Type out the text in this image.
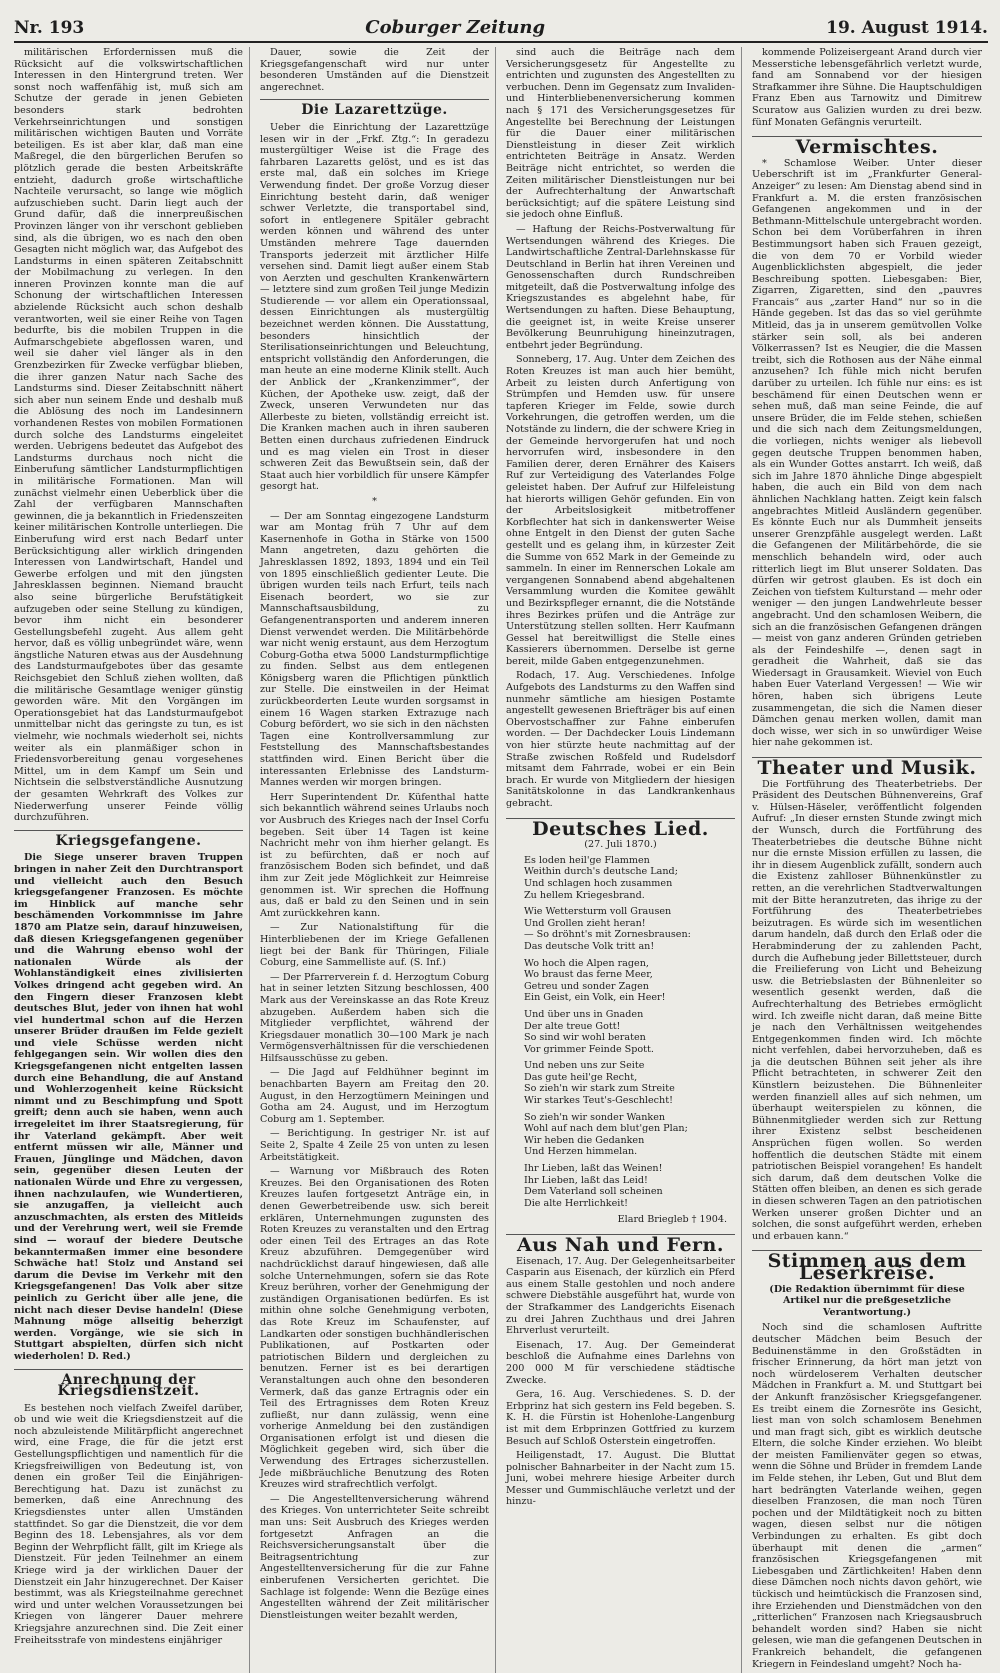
Nr. 193	Coburger Zeitung	19. August 1914.

militärischen Erfordernissen muß die Rücksicht auf die volkswirtschaftlichen Interessen in den Hintergrund treten. Wer sonst noch waffenfähig ist, muß sich am Schutze der gerade in jenen Gebieten besonders stark bedrohten Verkehrseinrichtungen und sonstigen militärischen wichtigen Bauten und Vorräte beteiligen. Es ist aber klar, daß man eine Maßregel, die den bürgerlichen Berufen so plötzlich gerade die besten Arbeitskräfte entzieht, dadurch große wirtschaftliche Nachteile verursacht, so lange wie möglich aufzuschieben sucht. Darin liegt auch der Grund dafür, daß die innerpreußischen Provinzen länger von ihr verschont geblieben sind, als die übrigen, wo es nach den oben Gesagten nicht möglich war, das Aufgebot des Landsturms in einen späteren Zeitabschnitt der Mobilmachung zu verlegen. In den inneren Provinzen konnte man die auf Schonung der wirtschaftlichen Interessen abzielende Rücksicht auch schon deshalb verantworten, weil sie einer Reihe von Tagen bedurfte, bis die mobilen Truppen in die Aufmarschgebiete abgeflossen waren, und weil sie daher viel länger als in den Grenzbezirken für Zwecke verfügbar blieben, die ihrer ganzen Natur nach Sache des Landsturms sind. Dieser Zeitabschnitt nähert sich aber nun seinem Ende und deshalb muß die Ablösung des noch im Landesinnern vorhandenen Restes von mobilen Formationen durch solche des Landsturms eingeleitet werden. Uebrigens bedeutet das Aufgebot des Landsturms durchaus noch nicht die Einberufung sämtlicher Landsturmpflichtigen in militärische Formationen. Man will zunächst vielmehr einen Ueberblick über die Zahl der verfügbaren Mannschaften gewinnen, die ja bekanntlich in Friedenszeiten keiner militärischen Kontrolle unterliegen. Die Einberufung wird erst nach Bedarf unter Berücksichtigung aller wirklich dringenden Interessen von Landwirtschaft, Handel und Gewerbe erfolgen und mit den jüngsten Jahresklassen beginnen. Niemand braucht also seine bürgerliche Berufstätigkeit aufzugeben oder seine Stellung zu kündigen, bevor ihm nicht ein besonderer Gestellungsbefehl zugeht. Aus allem geht hervor, daß es völlig unbegründet wäre, wenn ängstliche Naturen etwas aus der Ausdehnung des Landsturmaufgebotes über das gesamte Reichsgebiet den Schluß ziehen wollten, daß die militärische Gesamtlage weniger günstig geworden wäre. Mit den Vorgängen im Operationsgebiet hat das Landsturmaufgebot unmittelbar nicht das geringste zu tun, es ist vielmehr, wie nochmals wiederholt sei, nichts weiter als ein planmäßiger schon in Friedensvorbereitung genau vorgesehenes Mittel, um in dem Kampf um Sein und Nichtsein die selbstverständliche Ausnutzung der gesamten Wehrkraft des Volkes zur Niederwerfung unserer Feinde völlig durchzuführen.

Kriegsgefangene.

Die Siege unserer braven Truppen bringen in naher Zeit den Durchtransport und vielleicht auch den Besuch kriegsgefangener Franzosen. Es möchte im Hinblick auf manche sehr beschämenden Vorkommnisse im Jahre 1870 am Platze sein, darauf hinzuweisen, daß diesen Kriegsgefangenen gegenüber und die Wahrung ebenso wohl der nationalen Würde als der Wohlanständigkeit eines zivilisierten Volkes dringend acht gegeben wird. An den Fingern dieser Franzosen klebt deutsches Blut, jeder von ihnen hat wohl viel hundertmal schon auf die Herzen unserer Brüder draußen im Felde gezielt und viele Schüsse werden nicht fehlgegangen sein. Wir wollen dies den Kriegsgefangenen nicht entgelten lassen durch eine Behandlung, die auf Anstand und Wohlerzogenheit keine Rücksicht nimmt und zu Beschimpfung und Spott greift; denn auch sie haben, wenn auch irregeleitet im ihrer Staatsregierung, für ihr Vaterland gekämpft. Aber weit entfernt müssen wir alle, Männer und Frauen, Jünglinge und Mädchen, davon sein, gegenüber diesen Leuten der nationalen Würde und Ehre zu vergessen, ihnen nachzulaufen, wie Wundertieren, sie anzugaffen, ja vielleicht auch anzuschmachten, als ersten des Mitleids und der Verehrung wert, weil sie Fremde sind — worauf der biedere Deutsche bekanntermaßen immer eine besondere Schwäche hat! Stolz und Anstand sei darum die Devise im Verkehr mit den Kriegsgefangenen! Das Volk aber sitze peinlich zu Gericht über alle jene, die nicht nach dieser Devise handeln! (Diese Mahnung möge allseitig beherzigt werden. Vorgänge, wie sie sich in Stuttgart abspielten, dürfen sich nicht wiederholen! D. Red.)

Anrechnung der Kriegsdienstzeit.

Es bestehen noch vielfach Zweifel darüber, ob und wie weit die Kriegsdienstzeit auf die noch abzuleistende Militärpflicht angerechnet wird, eine Frage, die für die jetzt erst Gestellungspflichtigen und namentlich für die Kriegsfreiwilligen von Bedeutung ist, von denen ein großer Teil die Einjährigen-Berechtigung hat. Dazu ist zunächst zu bemerken, daß eine Anrechnung des Kriegsdienstes unter allen Umständen stattfindet. So gar die Dienstzeit, die vor dem Beginn des 18. Lebensjahres, als vor dem Beginn der Wehrpflicht fällt, gilt im Kriege als Dienstzeit. Für jeden Teilnehmer an einem Kriege wird ja der wirklichen Dauer der Dienstzeit ein Jahr hinzugerechnet. Der Kaiser bestimmt, was als Kriegsteilnahme gerechnet wird und unter welchen Voraussetzungen bei Kriegen von längerer Dauer mehrere Kriegsjahre anzurechnen sind. Die Zeit einer Freiheitsstrafe von mindestens einjähriger

Dauer, sowie die Zeit der Kriegsgefangenschaft wird nur unter besonderen Umständen auf die Dienstzeit angerechnet.

Die Lazarettzüge.

Ueber die Einrichtung der Lazarettzüge lesen wir in der „Frkf. Ztg.“: In geradezu mustergültiger Weise ist die Frage des fahrbaren Lazaretts gelöst, und es ist das erste mal, daß ein solches im Kriege Verwendung findet. Der große Vorzug dieser Einrichtung besteht darin, daß weniger schwer Verletzte, die transportabel sind, sofort in entlegenere Spitäler gebracht werden können und während des unter Umständen mehrere Tage dauernden Transports jederzeit mit ärztlicher Hilfe versehen sind. Damit liegt außer einem Stab von Aerzten und geschulten Krankenwärtern — letztere sind zum großen Teil junge Medizin Studierende — vor allem ein Operationssaal, dessen Einrichtungen als mustergültig bezeichnet werden können. Die Ausstattung, besonders hinsichtlich der Sterilisationseinrichtungen und Beleuchtung, entspricht vollständig den Anforderungen, die man heute an eine moderne Klinik stellt. Auch der Anblick der „Krankenzimmer“, der Küchen, der Apotheke usw. zeigt, daß der Zweck, unseren Verwundeten nur das Allerbeste zu bieten, vollständig erreicht ist. Die Kranken machen auch in ihren sauberen Betten einen durchaus zufriedenen Eindruck und es mag vielen ein Trost in dieser schweren Zeit das Bewußtsein sein, daß der Staat auch hier vorbildlich für unsere Kämpfer gesorgt hat.

*

— Der am Sonntag eingezogene Landsturm war am Montag früh 7 Uhr auf dem Kasernenhofe in Gotha in Stärke von 1500 Mann angetreten, dazu gehörten die Jahresklassen 1892, 1893, 1894 und ein Teil von 1895 einschließlich gedienter Leute. Die übrigen wurden teils nach Erfurt, teils nach Eisenach beordert, wo sie zur Mannschaftsausbildung, zu Gefangenentransporten und anderem inneren Dienst verwendet werden. Die Militärbehörde war nicht wenig erstaunt, aus dem Herzogtum Coburg-Gotha etwa 5000 Landsturmpflichtige zu finden. Selbst aus dem entlegenen Königsberg waren die Pflichtigen pünktlich zur Stelle. Die einstweilen in der Heimat zurückbeorderten Leute wurden sorgsamst in einem 16 Wagen starken Extrazuge nach Coburg befördert, wo sie sich in den nächsten Tagen eine Kontrollversammlung zur Feststellung des Mannschaftsbestandes stattfinden wird. Einen Bericht über die interessanten Erlebnisse des Landsturm-Mannes werden wir morgen bringen.

Herr Superintendent Dr. Küfenthal hatte sich bekanntlich während seines Urlaubs noch vor Ausbruch des Krieges nach der Insel Corfu begeben. Seit über 14 Tagen ist keine Nachricht mehr von ihm hierher gelangt. Es ist zu befürchten, daß er noch auf französischem Boden sich befindet, und daß ihm zur Zeit jede Möglichkeit zur Heimreise genommen ist. Wir sprechen die Hoffnung aus, daß er bald zu den Seinen und in sein Amt zurückkehren kann.

— Zur Nationalstiftung für die Hinterbliebenen der im Kriege Gefallenen liegt bei der Bank für Thüringen, Filiale Coburg, eine Sammelliste auf. (S. Inf.)

— Der Pfarrerverein f. d. Herzogtum Coburg hat in seiner letzten Sitzung beschlossen, 400 Mark aus der Vereinskasse an das Rote Kreuz abzugeben. Außerdem haben sich die Mitglieder verpflichtet, während der Kriegsdauer monatlich 30—100 Mark je nach Vermögensverhältnissen für die verschiedenen Hilfsausschüsse zu geben.

— Die Jagd auf Feldhühner beginnt im benachbarten Bayern am Freitag den 20. August, in den Herzogtümern Meiningen und Gotha am 24. August, und im Herzogtum Coburg am 1. September.

— Berichtigung. In gestriger Nr. ist auf Seite 2, Spalte 4 Zeile 25 von unten zu lesen Arbeitstätigkeit.

— Warnung vor Mißbrauch des Roten Kreuzes. Bei den Organisationen des Roten Kreuzes laufen fortgesetzt Anträge ein, in denen Gewerbetreibende usw. sich bereit erklären, Unternehmungen zugunsten des Roten Kreuzes zu veranstalten und den Ertrag oder einen Teil des Ertrages an das Rote Kreuz abzuführen. Demgegenüber wird nachdrücklichst darauf hingewiesen, daß alle solche Unternehmungen, sofern sie das Rote Kreuz berühren, vorher der Genehmigung der zuständigen Organisationen bedürfen. Es ist mithin ohne solche Genehmigung verboten, das Rote Kreuz im Schaufenster, auf Landkarten oder sonstigen buchhändlerischen Publikationen, auf Postkarten oder patriotischen Bildern und dergleichen zu benutzen. Ferner ist es bei derartigen Veranstaltungen auch ohne den besonderen Vermerk, daß das ganze Ertragnis oder ein Teil des Ertragnisses dem Roten Kreuz zufließt, nur dann zulässig, wenn eine vorherige Anmeldung bei den zuständigen Organisationen erfolgt ist und diesen die Möglichkeit gegeben wird, sich über die Verwendung des Ertrages sicherzustellen. Jede mißbräuchliche Benutzung des Roten Kreuzes wird strafrechtlich verfolgt.

— Die Angestelltenversicherung während des Krieges. Von unterrichteter Seite schreibt man uns: Seit Ausbruch des Krieges werden fortgesetzt Anfragen an die Reichsversicherungsanstalt über die Beitragsentrichtung zur Angestelltenversicherung für die zur Fahne einberufenen Versicherten gerichtet. Die Sachlage ist folgende: Wenn die Bezüge eines Angestellten während der Zeit militärischer Dienstleistungen weiter bezahlt werden,

sind auch die Beiträge nach dem Versicherungsgesetz für Angestellte zu entrichten und zugunsten des Angestellten zu verbuchen. Denn im Gegensatz zum Invaliden- und Hinterbliebenenversicherung kommen nach § 171 des Versicherungsgesetzes für Angestellte bei Berechnung der Leistungen für die Dauer einer militärischen Dienstleistung in dieser Zeit wirklich entrichteten Beiträge in Ansatz. Werden Beiträge nicht entrichtet, so werden die Zeiten militärischer Dienstleistungen nur bei der Aufrechterhaltung der Anwartschaft berücksichtigt; auf die spätere Leistung sind sie jedoch ohne Einfluß.

— Haftung der Reichs-Postverwaltung für Wertsendungen während des Krieges. Die Landwirtschaftliche Zentral-Darlehnskasse für Deutschland in Berlin hat ihren Vereinen und Genossenschaften durch Rundschreiben mitgeteilt, daß die Postverwaltung infolge des Kriegszustandes es abgelehnt habe, für Wertsendungen zu haften. Diese Behauptung, die geeignet ist, in weite Kreise unserer Bevölkerung Beunruhigung hineinzutragen, entbehrt jeder Begründung.

Sonneberg, 17. Aug. Unter dem Zeichen des Roten Kreuzes ist man auch hier bemüht, Arbeit zu leisten durch Anfertigung von Strümpfen und Hemden usw. für unsere tapferen Krieger im Felde, sowie durch Vorkehrungen, die getroffen werden, um die Notstände zu lindern, die der schwere Krieg in der Gemeinde hervorgerufen hat und noch hervorrufen wird, insbesondere in den Familien derer, deren Ernährer des Kaisers Ruf zur Verteidigung des Vaterlandes Folge geleistet haben. Der Aufruf zur Hilfeleistung hat hierorts willigen Gehör gefunden. Ein von der Arbeitslosigkeit mitbetroffener Korbflechter hat sich in dankenswerter Weise ohne Entgelt in den Dienst der guten Sache gestellt und es gelang ihm, in kürzester Zeit die Summe von 652 Mark in der Gemeinde zu sammeln. In einer im Rennerschen Lokale am vergangenen Sonnabend abend abgehaltenen Versammlung wurden die Komitee gewählt und Bezirkspfleger ernannt, die die Notstände ihres Bezirkes prüfen und die Anträge zur Unterstützung stellen sollten. Herr Kaufmann Gessel hat bereitwilligst die Stelle eines Kassierers übernommen. Derselbe ist gerne bereit, milde Gaben entgegenzunehmen.

Rodach, 17. Aug. Verschiedenes. Infolge Aufgebots des Landsturms zu den Waffen sind nunmehr sämtliche am hiesigen Postamte angestellt gewesenen Briefträger bis auf einen Obervostschaffner zur Fahne einberufen worden. — Der Dachdecker Louis Lindemann von hier stürzte heute nachmittag auf der Straße zwischen Roßfeld und Rudelsdorf mitsamt dem Fahrrade, wobei er ein Bein brach. Er wurde von Mitgliedern der hiesigen Sanitätskolonne in das Landkrankenhaus gebracht.

Deutsches Lied.
(27. Juli 1870.)
Es loden heil'ge Flammen
Weithin durch's deutsche Land;
Und schlagen hoch zusammen
Zu hellem Kriegesbrand.
Wie Wettersturm voll Grausen
Und Grollen zieht heran!
— So dröhnt's mit Zornesbrausen:
Das deutsche Volk tritt an!
Wo hoch die Alpen ragen,
Wo braust das ferne Meer,
Getreu und sonder Zagen
Ein Geist, ein Volk, ein Heer!
Und über uns in Gnaden
Der alte treue Gott!
So sind wir wohl beraten
Vor grimmer Feinde Spott.
Und neben uns zur Seite
Das gute heil'ge Recht,
So zieh'n wir stark zum Streite
Wir starkes Teut's-Geschlecht!
So zieh'n wir sonder Wanken
Wohl auf nach dem blut'gen Plan;
Wir heben die Gedanken
Und Herzen himmelan.
Ihr Lieben, laßt das Weinen!
Ihr Lieben, laßt das Leid!
Dem Vaterland soll scheinen
Die alte Herrlichkeit!
Elard Briegleb † 1904.
Aus Nah und Fern.

Eisenach, 17. Aug. Der Gelegenheitsarbeiter Casparin aus Eisenach, der kürzlich ein Pferd aus einem Stalle gestohlen und noch andere schwere Diebstähle ausgeführt hat, wurde von der Strafkammer des Landgerichts Eisenach zu drei Jahren Zuchthaus und drei Jahren Ehrverlust verurteilt.

Eisenach, 17. Aug. Der Gemeinderat beschloß die Aufnahme eines Darlehns von 200 000 M für verschiedene städtische Zwecke.

Gera, 16. Aug. Verschiedenes. S. D. der Erbprinz hat sich gestern ins Feld begeben. S. K. H. die Fürstin ist Hohenlohe-Langenburg ist mit dem Erbprinzen Gottfried zu kurzem Besuch auf Schloß Osterstein eingetroffen.

Heiligenstadt, 17. August. Die Bluttat polnischer Bahnarbeiter in der Nacht zum 15. Juni, wobei mehrere hiesige Arbeiter durch Messer und Gummischläuche verletzt und der hinzu-

kommende Polizeisergeant Arand durch vier Messerstiche lebensgefährlich verletzt wurde, fand am Sonnabend vor der hiesigen Strafkammer ihre Sühne. Die Hauptschuldigen Franz Eben aus Tarnowitz und Dimitrew Scuratow aus Galizien wurden zu drei bezw. fünf Monaten Gefängnis verurteilt.

Vermischtes.

* Schamlose Weiber. Unter dieser Ueberschrift ist im „Frankfurter General-Anzeiger“ zu lesen: Am Dienstag abend sind in Frankfurt a. M. die ersten französischen Gefangenen angekommen und in der Bethmann-Mittelschule untergebracht worden. Schon bei dem Vorüberfahren in ihren Bestimmungsort haben sich Frauen gezeigt, die von dem 70 er Vorbild wieder Augenblicklichsten abgespielt, die jeder Beschreibung spotten. Liebesgaben: Bier, Zigarren, Zigaretten, sind den „pauvres Francais“ aus „zarter Hand“ nur so in die Hände gegeben. Ist das das so viel gerühmte Mitleid, das ja in unserem gemütvollen Volke stärker sein soll, als bei anderen Völkerrassen? Ist es Neugier, die die Massen treibt, sich die Rothosen aus der Nähe einmal anzusehen? Ich fühle mich nicht berufen darüber zu urteilen. Ich fühle nur eins: es ist beschämend für einen Deutschen wenn er sehen muß, daß man seine Feinde, die auf unsere Brüder, die im Felde stehen, schießen und die sich nach dem Zeitungsmeldungen, die vorliegen, nichts weniger als liebevoll gegen deutsche Truppen benommen haben, als ein Wunder Gottes anstarrt. Ich weiß, daß sich im Jahre 1870 ähnliche Dinge abgespielt haben, die auch ein Bild von dem nach ähnlichen Nachklang hatten. Zeigt kein falsch angebrachtes Mitleid Ausländern gegenüber. Es könnte Euch nur als Dummheit jenseits unserer Grenzpfähle ausgelegt werden. Laßt die Gefangenen der Militärbehörde, die sie menschlich behandeln wird, oder auch ritterlich liegt im Blut unserer Soldaten. Das dürfen wir getrost glauben. Es ist doch ein Zeichen von tiefstem Kulturstand — mehr oder weniger — den jungen Landwehrleute besser angebracht. Und den schamlosen Weibern, die sich an die französischen Gefangenen drängen — meist von ganz anderen Gründen getrieben als der Feindeshilfe —, denen sagt in geradheit die Wahrheit, daß sie das Wiedersagt in Grausamkeit. Wieviel von Euch haben Euer Vaterland Vergessen! — Wie wir hören, haben sich übrigens Leute zusammengetan, die sich die Namen dieser Dämchen genau merken wollen, damit man doch wisse, wer sich in so unwürdiger Weise hier nahe gekommen ist.

Theater und Musik.

Die Fortführung des Theaterbetriebs. Der Präsident des Deutschen Bühnenvereins, Graf v. Hülsen-Häseler, veröffentlicht folgenden Aufruf: „In dieser ernsten Stunde zwingt mich der Wunsch, durch die Fortführung des Theaterbetriebes die deutsche Bühne nicht nur die ernste Mission erfüllen zu lassen, die ihr in diesem Augenblick zufällt, sondern auch die Existenz zahlloser Bühnenkünstler zu retten, an die verehrlichen Stadtverwaltungen mit der Bitte heranzutreten, das ihrige zu der Fortführung des Theaterbetriebes beizutragen. Es würde sich im wesentlichen darum handeln, daß durch den Erlaß oder die Herabminderung der zu zahlenden Pacht, durch die Aufhebung jeder Billettsteuer, durch die Freilieferung von Licht und Beheizung usw. die Betriebslasten der Bühnenleiter so wesentlich gesenkt werden, daß die Aufrechterhaltung des Betriebes ermöglicht wird. Ich zweifle nicht daran, daß meine Bitte je nach den Verhältnissen weitgehendes Entgegenkommen finden wird. Ich möchte nicht verfehlen, dabei hervorzuheben, daß es ja die deutschen Bühnen seit jeher als ihre Pflicht betrachteten, in schwerer Zeit den Künstlern beizustehen. Die Bühnenleiter werden finanziell alles auf sich nehmen, um überhaupt weiterspielen zu können, die Bühnenmitglieder werden sich zur Rettung ihrer Existenz selbst bescheidenen Ansprüchen fügen wollen. So werden hoffentlich die deutschen Städte mit einem patriotischen Beispiel vorangehen! Es handelt sich darum, daß dem deutschen Volke die Stätten offen bleiben, an denen es sich gerade in diesen schweren Tagen an den patriotischen Werken unserer großen Dichter und an solchen, die sonst aufgeführt werden, erheben und erbauen kann.“

Stimmen aus dem Leserkreise.
(Die Redaktion übernimmt für diese Artikel nur die preßgesetzliche Verantwortung.)

Noch sind die schamlosen Auftritte deutscher Mädchen beim Besuch der Beduinenstämme in den Großstädten in frischer Erinnerung, da hört man jetzt von noch würdeloserem Verhalten deutscher Mädchen in Frankfurt a. M. und Stuttgart bei der Ankunft französischer Kriegsgefangener. Es treibt einem die Zornesröte ins Gesicht, liest man von solch schamlosem Benehmen und man fragt sich, gibt es wirklich deutsche Eltern, die solche Kinder erziehen. Wo bleibt der meisten Familienväter gegen so etwas, wenn die Söhne und Brüder in fremdem Lande im Felde stehen, ihr Leben, Gut und Blut dem hart bedrängten Vaterlande weihen, gegen dieselben Franzosen, die man noch Türen pochen und der Mildtätigkeit noch zu bitten wagen, diesen selbst nur die nötigen Verbindungen zu erhalten. Es gibt doch überhaupt mit denen die „armen“ französischen Kriegsgefangenen mit Liebesgaben und Zärtlichkeiten! Haben denn diese Dämchen noch nichts davon gehört, wie tückisch und heimtückisch die Franzosen sind, ihre Erziehenden und Dienstmädchen von den „ritterlichen“ Franzosen nach Kriegsausbruch behandelt worden sind? Haben sie nicht gelesen, wie man die gefangenen Deutschen in Frankreich behandelt, die gefangenen Kriegern in Feindesland umgeht? Noch ha-
